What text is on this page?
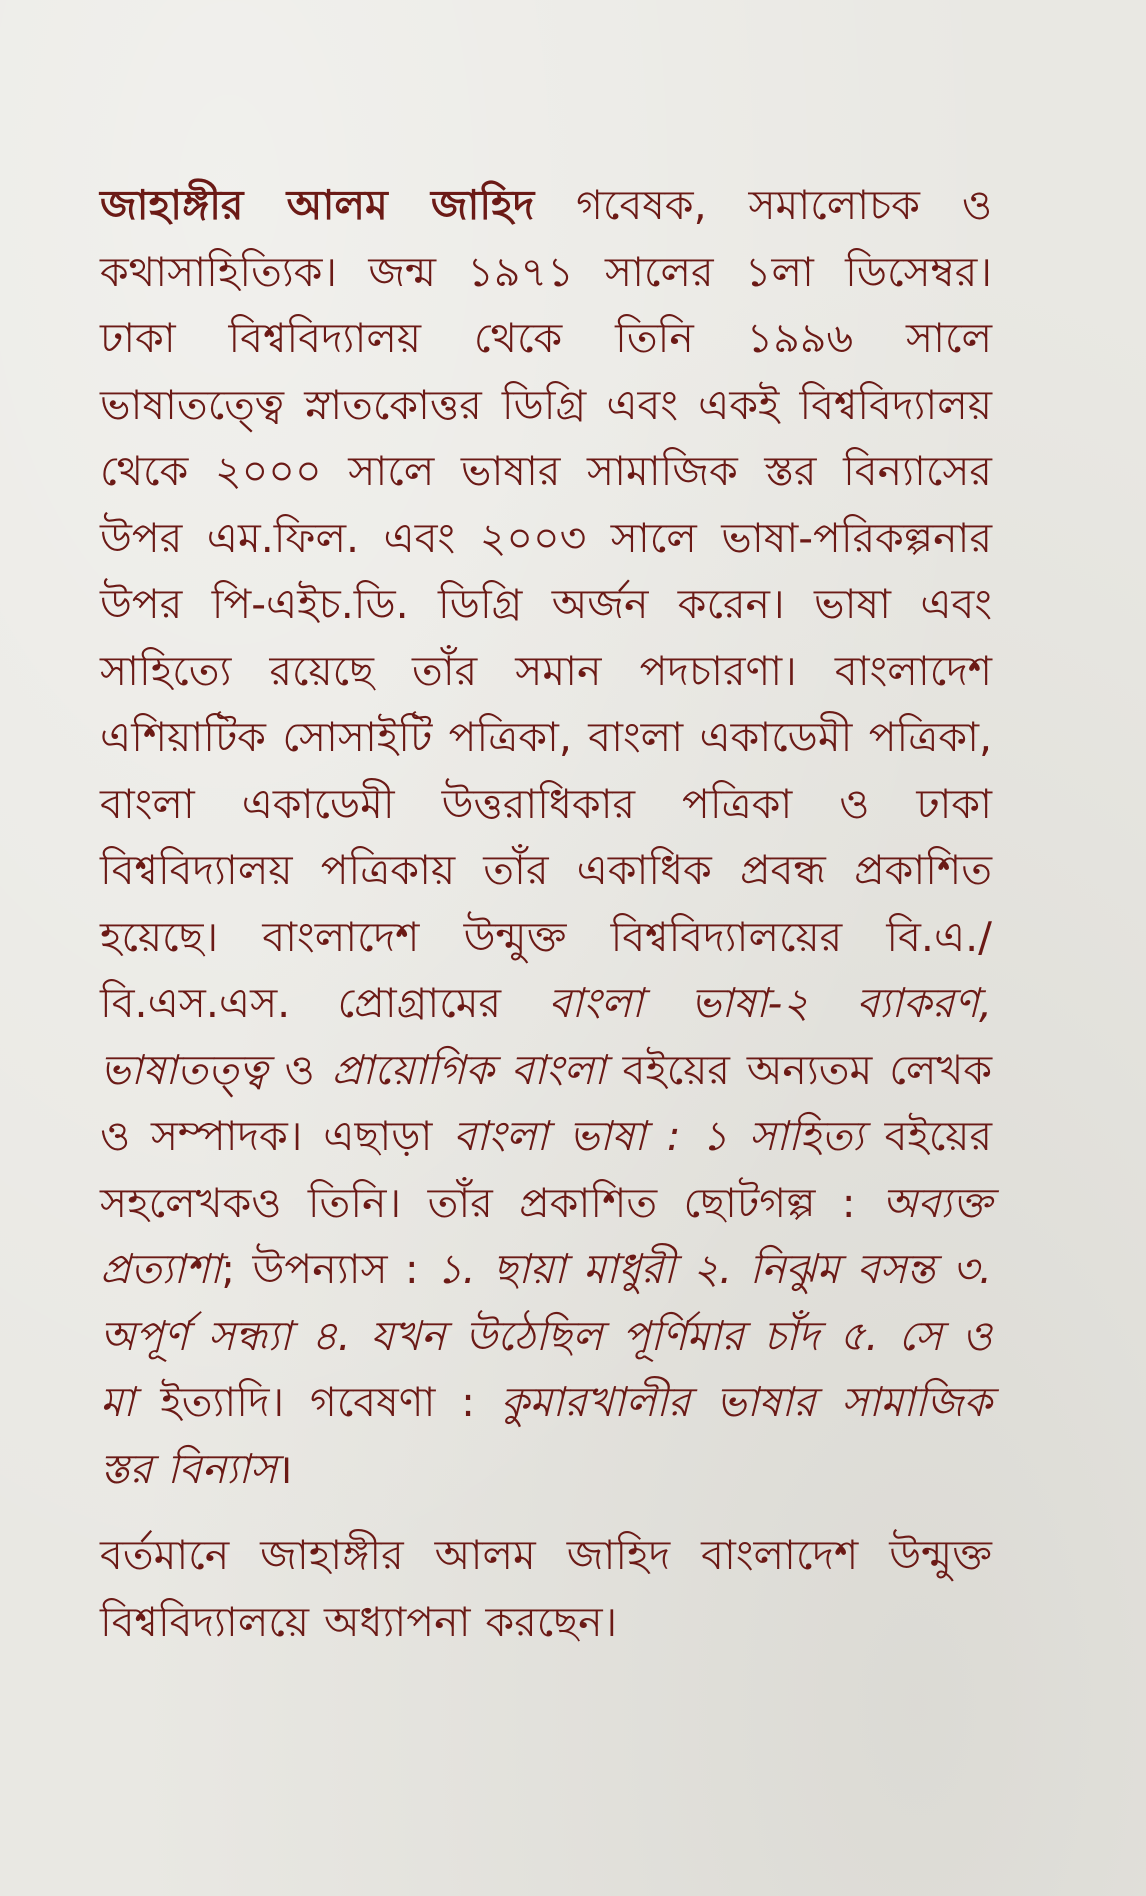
জাহাঙ্গীর আলম জাহিদ গবেষক, সমালোচক ও কথাসাহিত্যিক। জন্ম ১৯৭১ সালের ১লা ডিসেম্বর। ঢাকা বিশ্ববিদ্যালয় থেকে তিনি ১৯৯৬ সালে ভাষাতত্ত্বে স্নাতকোত্তর ডিগ্রি এবং একই বিশ্ববিদ্যালয় থেকে ২০০০ সালে ভাষার সামাজিক স্তর বিন্যাসের উপর এম.ফিল. এবং ২০০৩ সালে ভাষা-পরিকল্পনার উপর পি-এইচ.ডি. ডিগ্রি অর্জন করেন। ভাষা এবং সাহিত্যে রয়েছে তাঁর সমান পদচারণা। বাংলাদেশ এশিয়াটিক সোসাইটি পত্রিকা, বাংলা একাডেমী পত্রিকা, বাংলা একাডেমী উত্তরাধিকার পত্রিকা ও ঢাকা বিশ্ববিদ্যালয় পত্রিকায় তাঁর একাধিক প্রবন্ধ প্রকাশিত হয়েছে। বাংলাদেশ উন্মুক্ত বিশ্ববিদ্যালয়ের বি.এ./বি.এস.এস. প্রোগ্রামের বাংলা ভাষা-২ ব্যাকরণ, ভাষাতত্ত্ব ও প্রায়োগিক বাংলা বইয়ের অন্যতম লেখক ও সম্পাদক। এছাড়া বাংলা ভাষা : ১ সাহিত্য বইয়ের সহলেখকও তিনি। তাঁর প্রকাশিত ছোটগল্প : অব্যক্ত প্রত্যাশা; উপন্যাস : ১. ছায়া মাধুরী ২. নিঝুম বসন্ত ৩. অপূর্ণ সন্ধ্যা ৪. যখন উঠেছিল পূর্ণিমার চাঁদ ৫. সে ও মা ইত্যাদি। গবেষণা : কুমারখালীর ভাষার সামাজিক স্তর বিন্যাস।

বর্তমানে জাহাঙ্গীর আলম জাহিদ বাংলাদেশ উন্মুক্ত বিশ্ববিদ্যালয়ে অধ্যাপনা করছেন।
